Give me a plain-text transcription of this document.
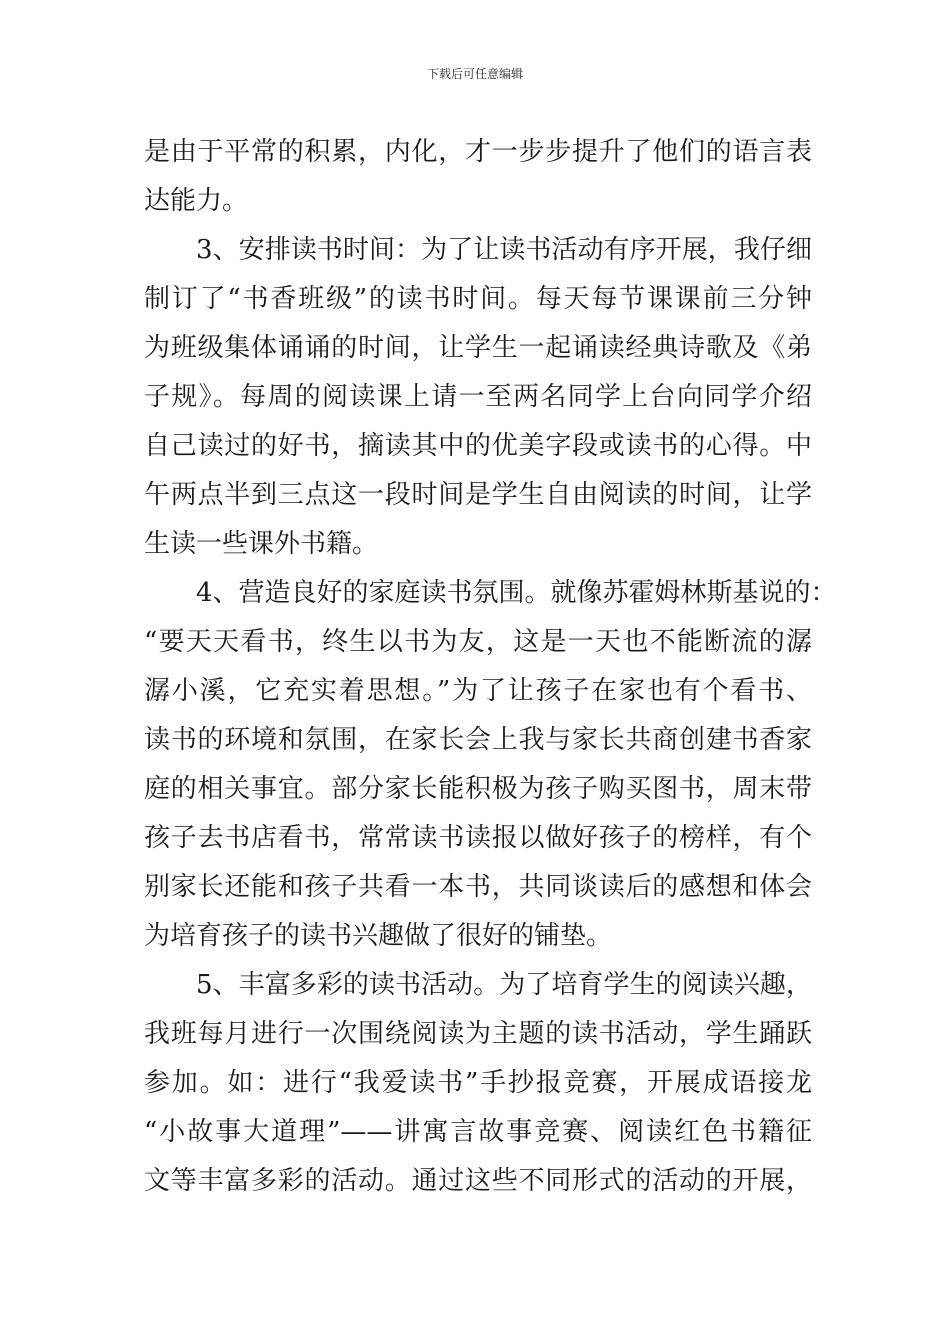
下载后可任意编辑
是由于平常的积累，内化，才一步步提升了他们的语言表
达能力。
3、安排读书时间：为了让读书活动有序开展，我仔细
制订了“书香班级”的读书时间。每天每节课课前三分钟
为班级集体诵诵的时间，让学生一起诵读经典诗歌及《弟
子规》。每周的阅读课上请一至两名同学上台向同学介绍
自己读过的好书，摘读其中的优美字段或读书的心得。中
午两点半到三点这一段时间是学生自由阅读的时间，让学
生读一些课外书籍。
4、营造良好的家庭读书氛围。就像苏霍姆林斯基说的：
“要天天看书，终生以书为友，这是一天也不能断流的潺
潺小溪，它充实着思想。”为了让孩子在家也有个看书、
读书的环境和氛围，在家长会上我与家长共商创建书香家
庭的相关事宜。部分家长能积极为孩子购买图书，周末带
孩子去书店看书，常常读书读报以做好孩子的榜样，有个
别家长还能和孩子共看一本书，共同谈读后的感想和体会
为培育孩子的读书兴趣做了很好的铺垫。
5、丰富多彩的读书活动。为了培育学生的阅读兴趣，
我班每月进行一次围绕阅读为主题的读书活动，学生踊跃
参加。如：进行“我爱读书”手抄报竞赛，开展成语接龙
“小故事大道理”——讲寓言故事竞赛、阅读红色书籍征
文等丰富多彩的活动。通过这些不同形式的活动的开展，
